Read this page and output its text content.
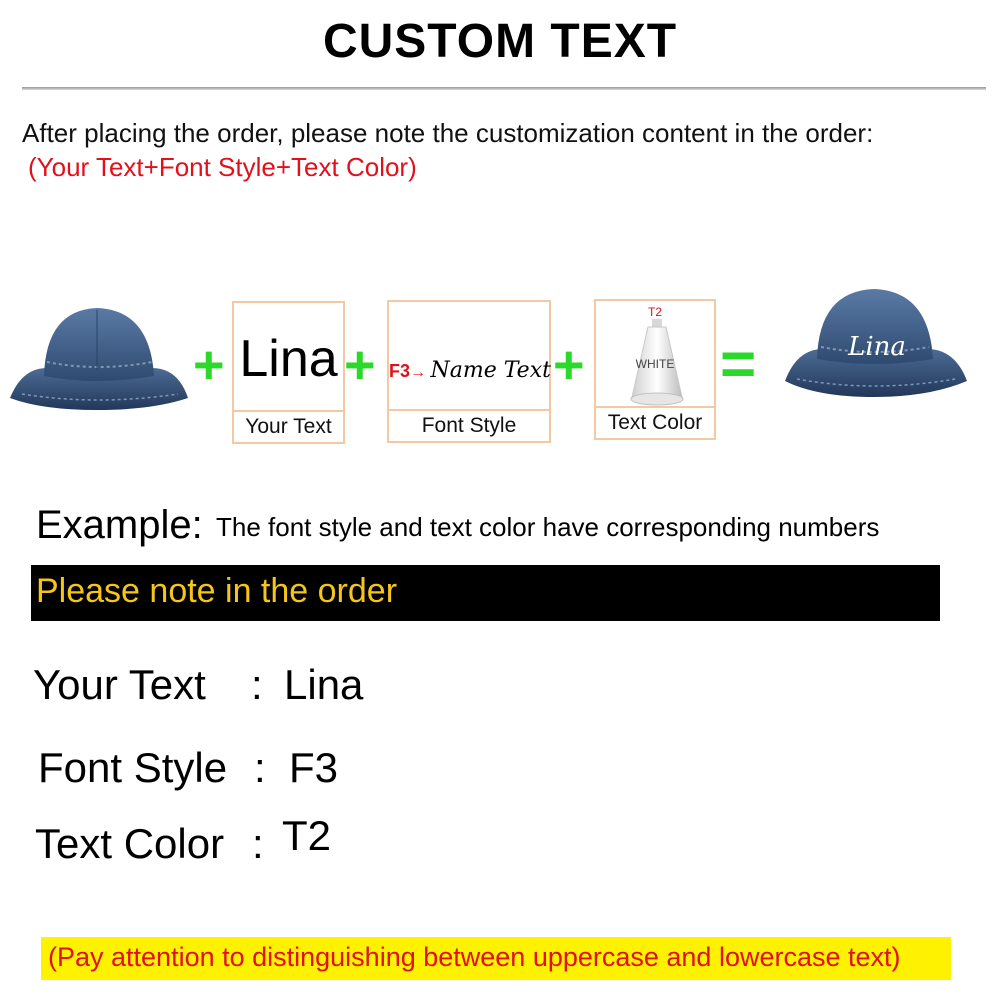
CUSTOM TEXT
After placing the order, please note the customization content in the order:
(Your Text+Font Style+Text Color)
+ Lina
Your Text
+ F3→ Name Text
Font Style
+
T2
WHITE
Text Color
=	Lina
Example: The font style and text color have corresponding numbers
Please note in the order
Your Text : Lina
Font Style : F3
Text Color : T2
(Pay attention to distinguishing between uppercase and lowercase text)
